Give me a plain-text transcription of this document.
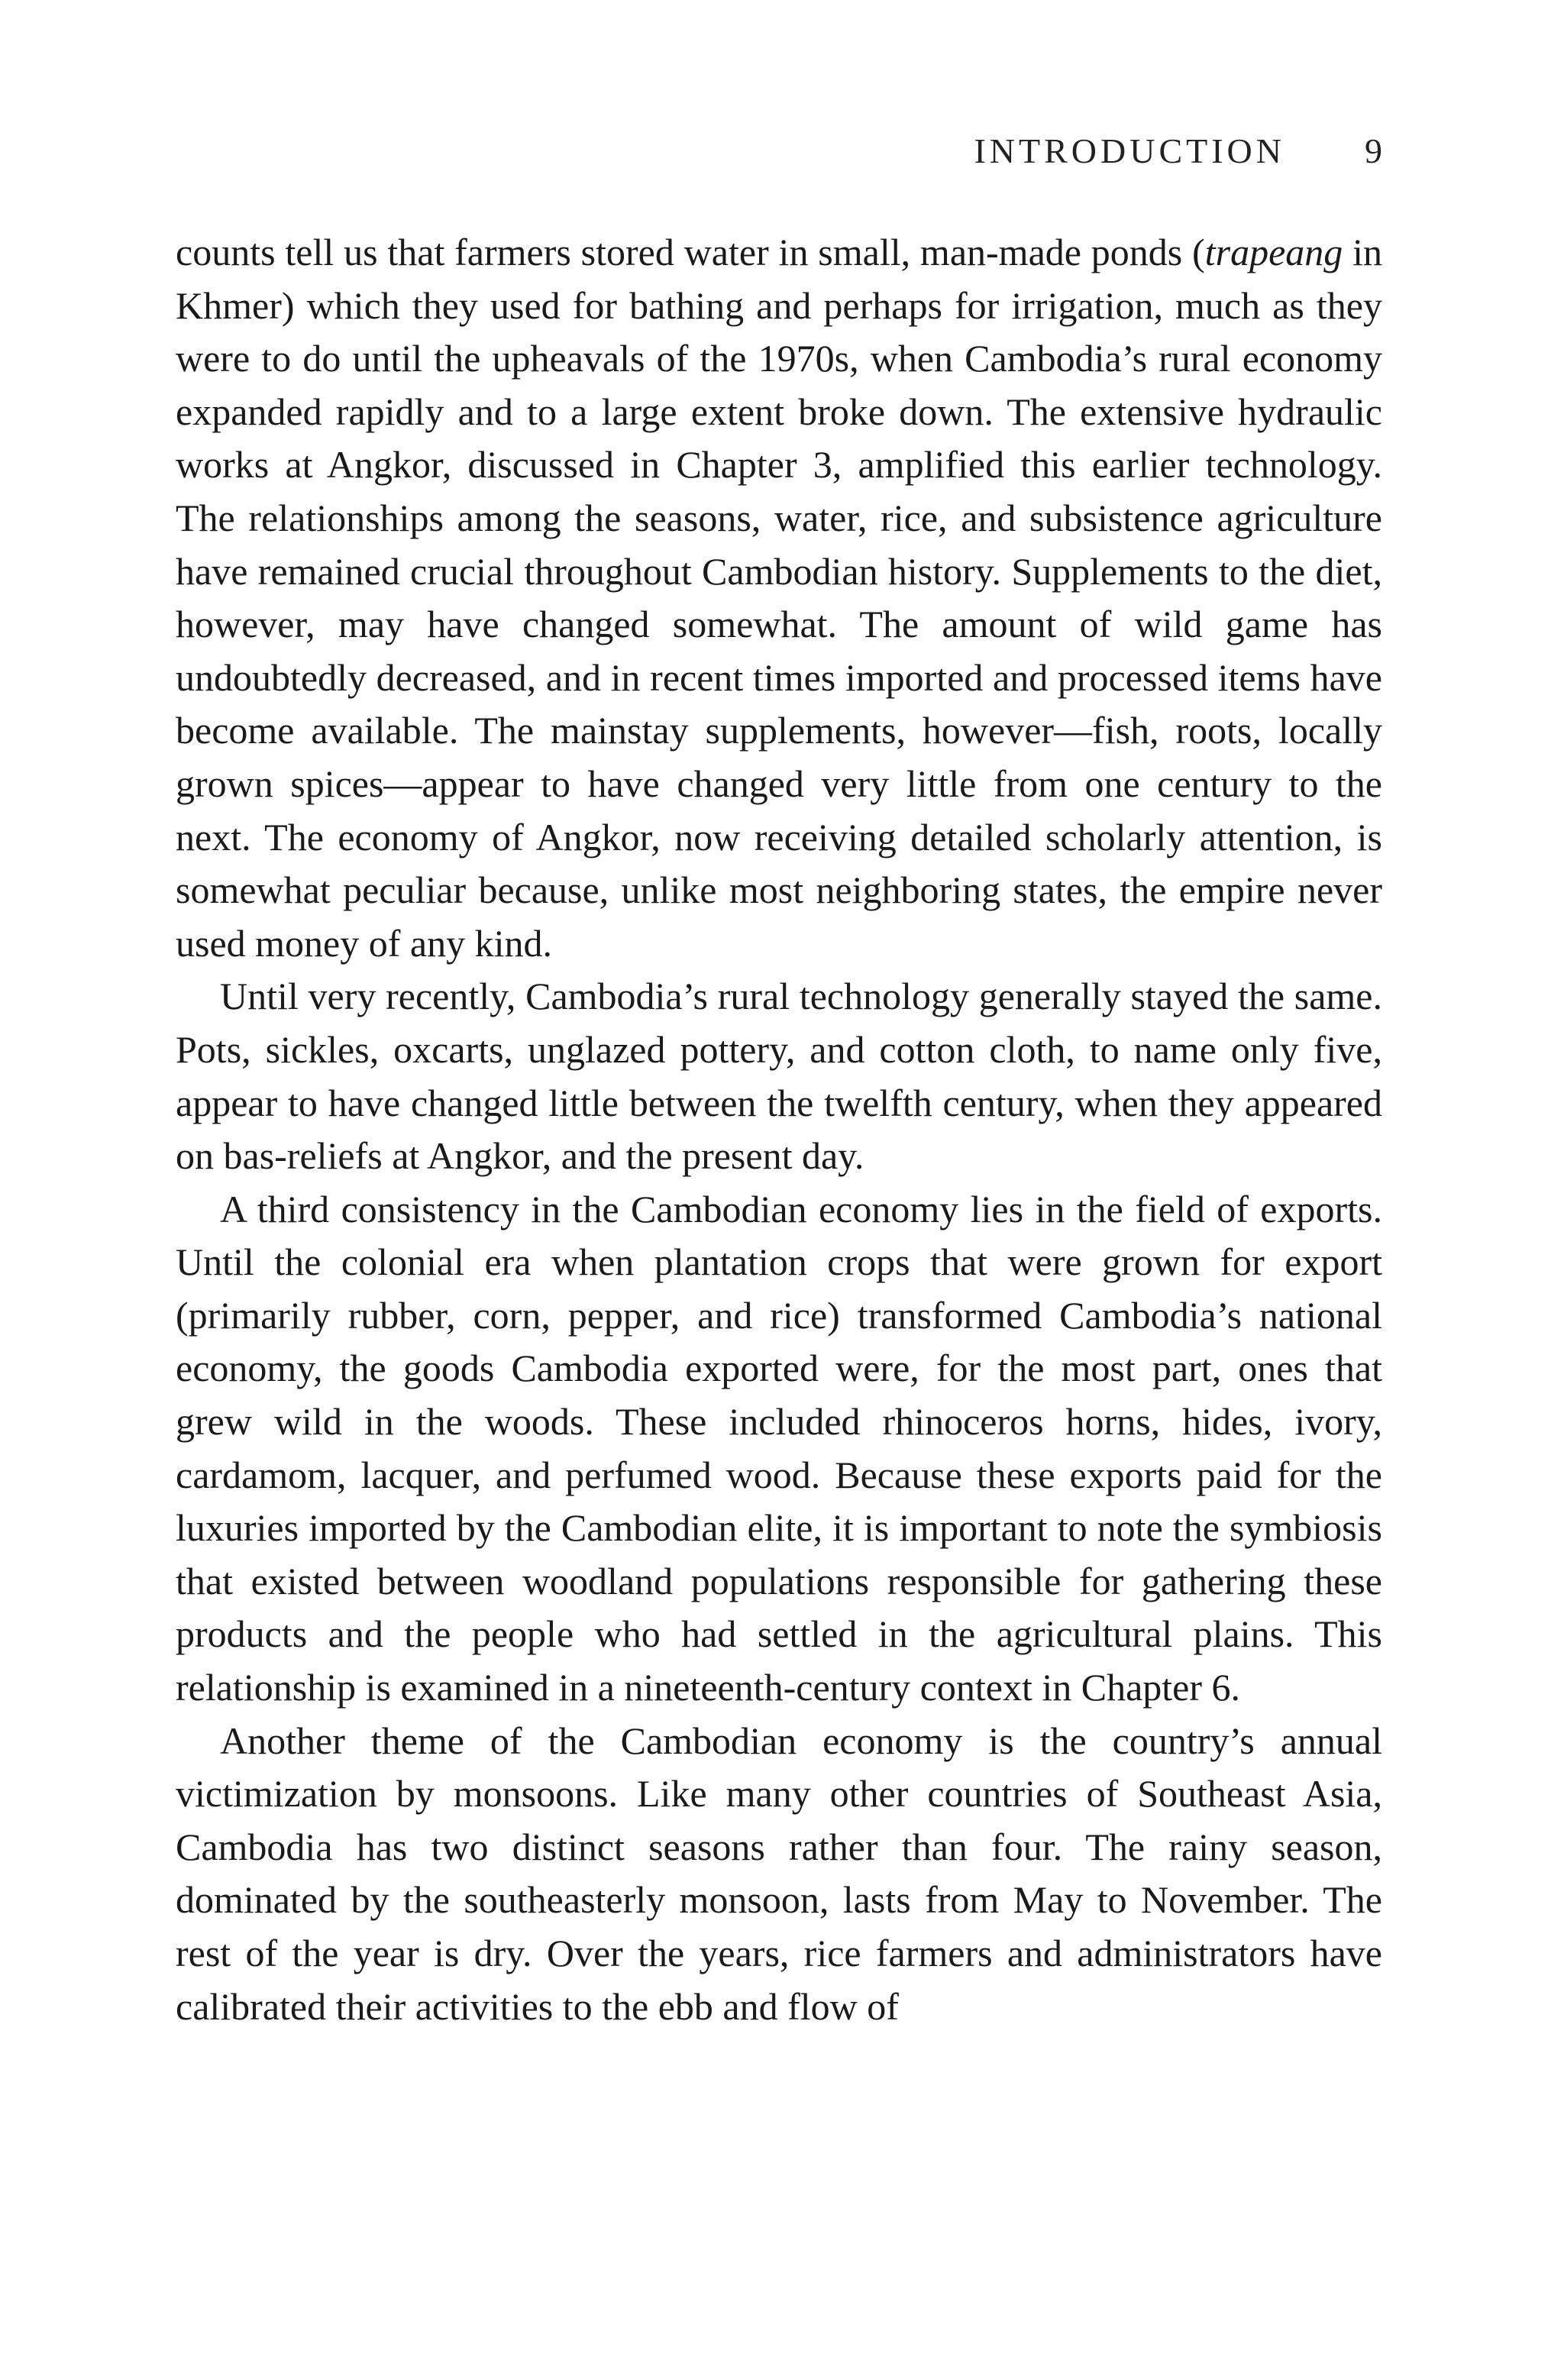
INTRODUCTION 9

counts tell us that farmers stored water in small, man-made ponds (trapeang in Khmer) which they used for bathing and perhaps for irrigation, much as they were to do until the upheavals of the 1970s, when Cambodia’s rural economy expanded rapidly and to a large extent broke down. The extensive hydraulic works at Angkor, discussed in Chapter 3, amplified this earlier technology. The relationships among the seasons, water, rice, and subsistence agriculture have remained crucial throughout Cambodian history. Supplements to the diet, however, may have changed somewhat. The amount of wild game has undoubtedly decreased, and in recent times imported and processed items have become available. The mainstay supplements, however—fish, roots, locally grown spices—appear to have changed very little from one century to the next. The economy of Angkor, now receiving detailed scholarly attention, is somewhat peculiar because, unlike most neighboring states, the empire never used money of any kind.

Until very recently, Cambodia’s rural technology generally stayed the same. Pots, sickles, oxcarts, unglazed pottery, and cotton cloth, to name only five, appear to have changed little between the twelfth century, when they appeared on bas-reliefs at Angkor, and the present day.

A third consistency in the Cambodian economy lies in the field of exports. Until the colonial era when plantation crops that were grown for export (primarily rubber, corn, pepper, and rice) transformed Cambodia’s national economy, the goods Cambodia exported were, for the most part, ones that grew wild in the woods. These included rhinoceros horns, hides, ivory, cardamom, lacquer, and perfumed wood. Because these exports paid for the luxuries imported by the Cambodian elite, it is important to note the symbiosis that existed between woodland populations responsible for gathering these products and the people who had settled in the agricultural plains. This relationship is examined in a nineteenth-century context in Chapter 6.

Another theme of the Cambodian economy is the country’s annual victimization by monsoons. Like many other countries of Southeast Asia, Cambodia has two distinct seasons rather than four. The rainy season, dominated by the southeasterly monsoon, lasts from May to November. The rest of the year is dry. Over the years, rice farmers and administrators have calibrated their activities to the ebb and flow of
